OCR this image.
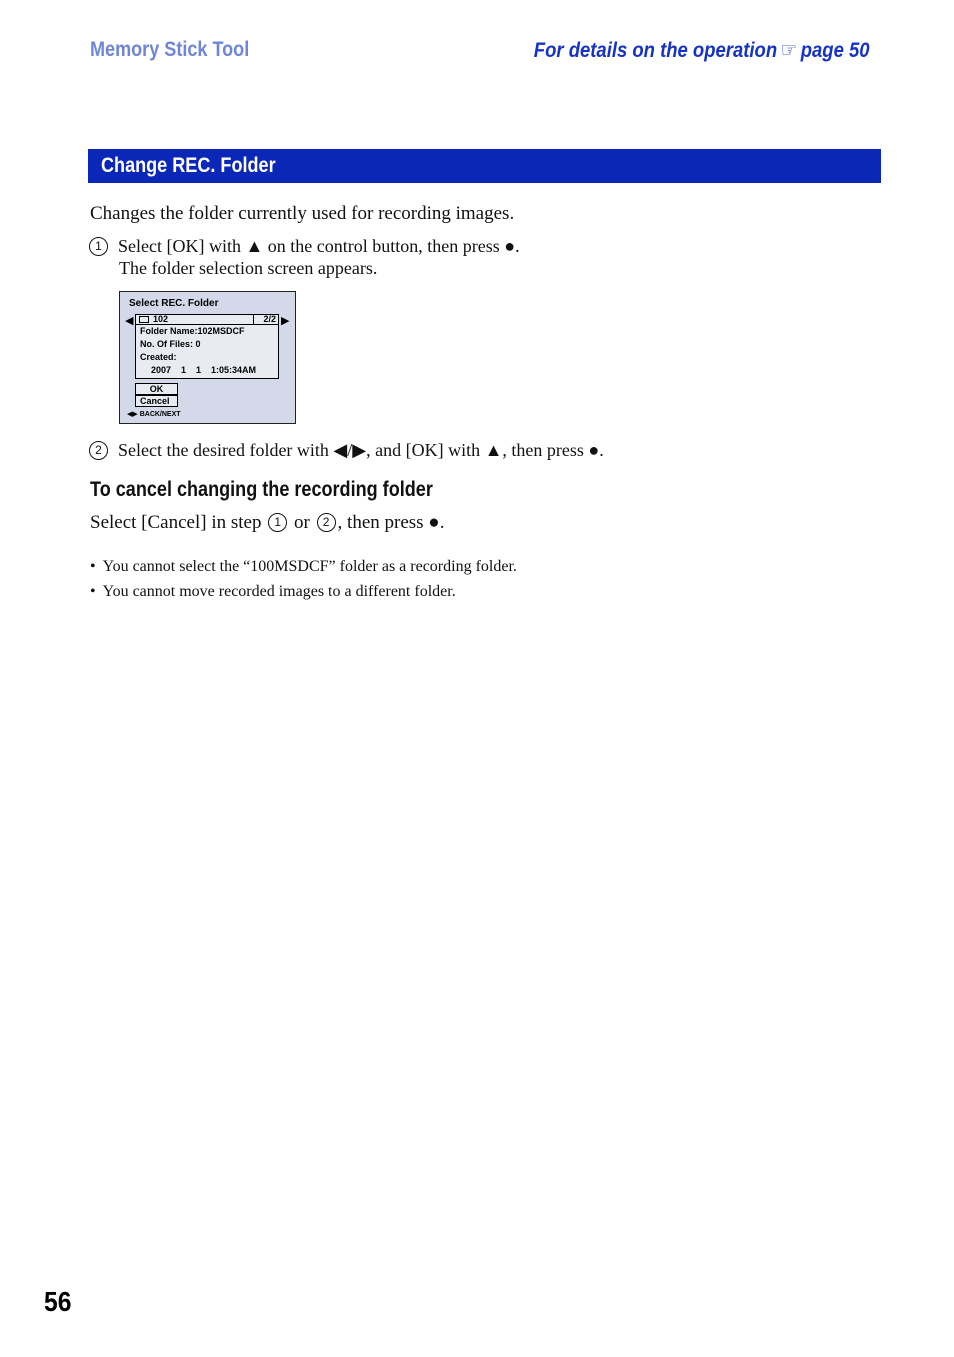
Memory Stick Tool	For details on the operation ☞ page 50
Change REC. Folder
Changes the folder currently used for recording images.
1 Select [OK] with ▲ on the control button, then press ●.
The folder selection screen appears.
Select REC. Folder
◀ 102	2/2 ▶
Folder Name:102MSDCF
No. Of Files: 0
Created:
2007    1    1    1:05:34AM
OK
Cancel
◀▶ BACK/NEXT
2 Select the desired folder with ◀/▶, and [OK] with ▲, then press ●.
To cancel changing the recording folder
Select [Cancel] in step 1 or 2 , then press ●.
• You cannot select the “100MSDCF” folder as a recording folder.
• You cannot move recorded images to a different folder.
56
